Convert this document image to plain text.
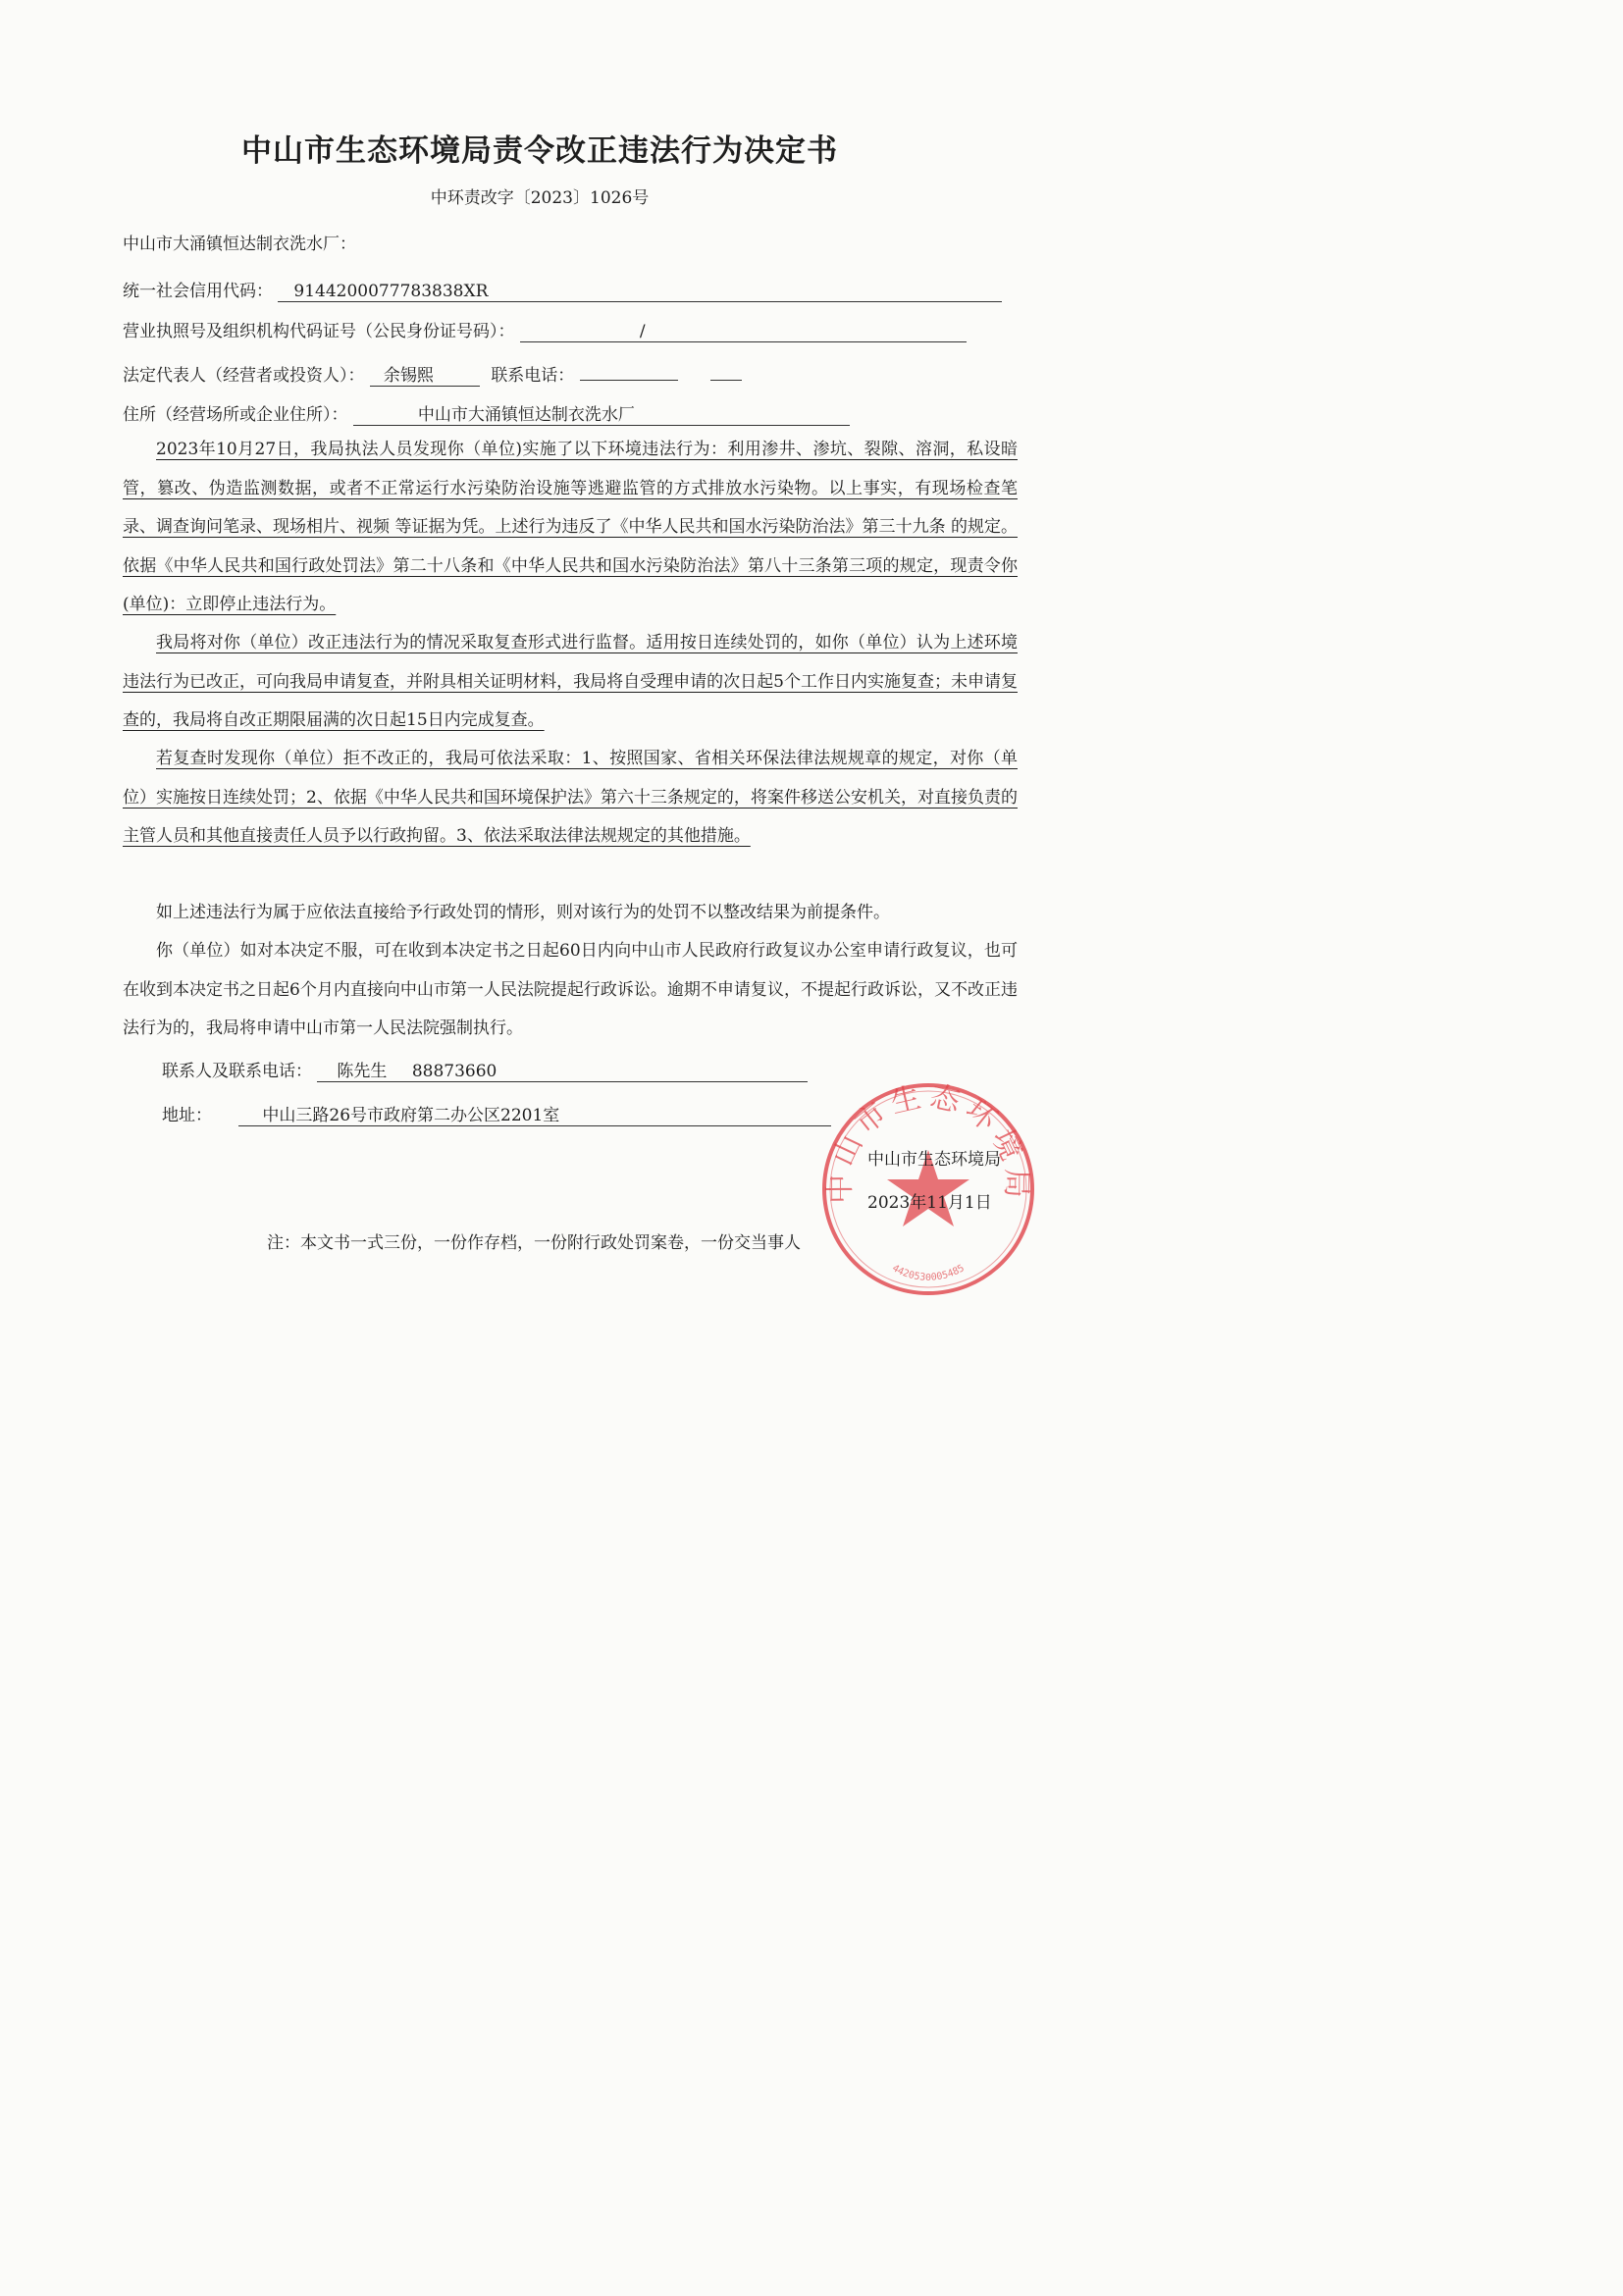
中山市生态环境局责令改正违法行为决定书
中环责改字〔2023〕1026号
中山市大涌镇恒达制衣洗水厂：
统一社会信用代码： 9144200077783838XR
营业执照号及组织机构代码证号（公民身份证号码）：	/
法定代表人（经营者或投资人）： 余锡熙	联系电话：
住所（经营场所或企业住所）：	中山市大涌镇恒达制衣洗水厂
2023年10月27日，我局执法人员发现你（单位)实施了以下环境违法行为：利用渗井、渗坑、裂隙、溶洞，私设暗管，篡改、伪造监测数据，或者不正常运行水污染防治设施等逃避监管的方式排放水污染物。以上事实，有现场检查笔录、调查询问笔录、现场相片、视频 等证据为凭。上述行为违反了《中华人民共和国水污染防治法》第三十九条 的规定。依据《中华人民共和国行政处罚法》第二十八条和《中华人民共和国水污染防治法》第八十三条第三项的规定，现责令你(单位)：立即停止违法行为。
我局将对你（单位）改正违法行为的情况采取复查形式进行监督。适用按日连续处罚的，如你（单位）认为上述环境违法行为已改正，可向我局申请复查，并附具相关证明材料，我局将自受理申请的次日起5个工作日内实施复查；未申请复查的，我局将自改正期限届满的次日起15日内完成复查。
若复查时发现你（单位）拒不改正的，我局可依法采取：1、按照国家、省相关环保法律法规规章的规定，对你（单位）实施按日连续处罚；2、依据《中华人民共和国环境保护法》第六十三条规定的，将案件移送公安机关，对直接负责的主管人员和其他直接责任人员予以行政拘留。3、依法采取法律法规规定的其他措施。
如上述违法行为属于应依法直接给予行政处罚的情形，则对该行为的处罚不以整改结果为前提条件。
你（单位）如对本决定不服，可在收到本决定书之日起60日内向中山市人民政府行政复议办公室申请行政复议，也可在收到本决定书之日起6个月内直接向中山市第一人民法院提起行政诉讼。逾期不申请复议，不提起行政诉讼，又不改正违法行为的，我局将申请中山市第一人民法院强制执行。
联系人及联系电话： 陈先生 88873660
地址：	中山三路26号市政府第二办公区2201室
中山市生态环境局
4420530005485
中山市生态环境局
2023年11月1日
注：本文书一式三份，一份作存档，一份附行政处罚案卷，一份交当事人
